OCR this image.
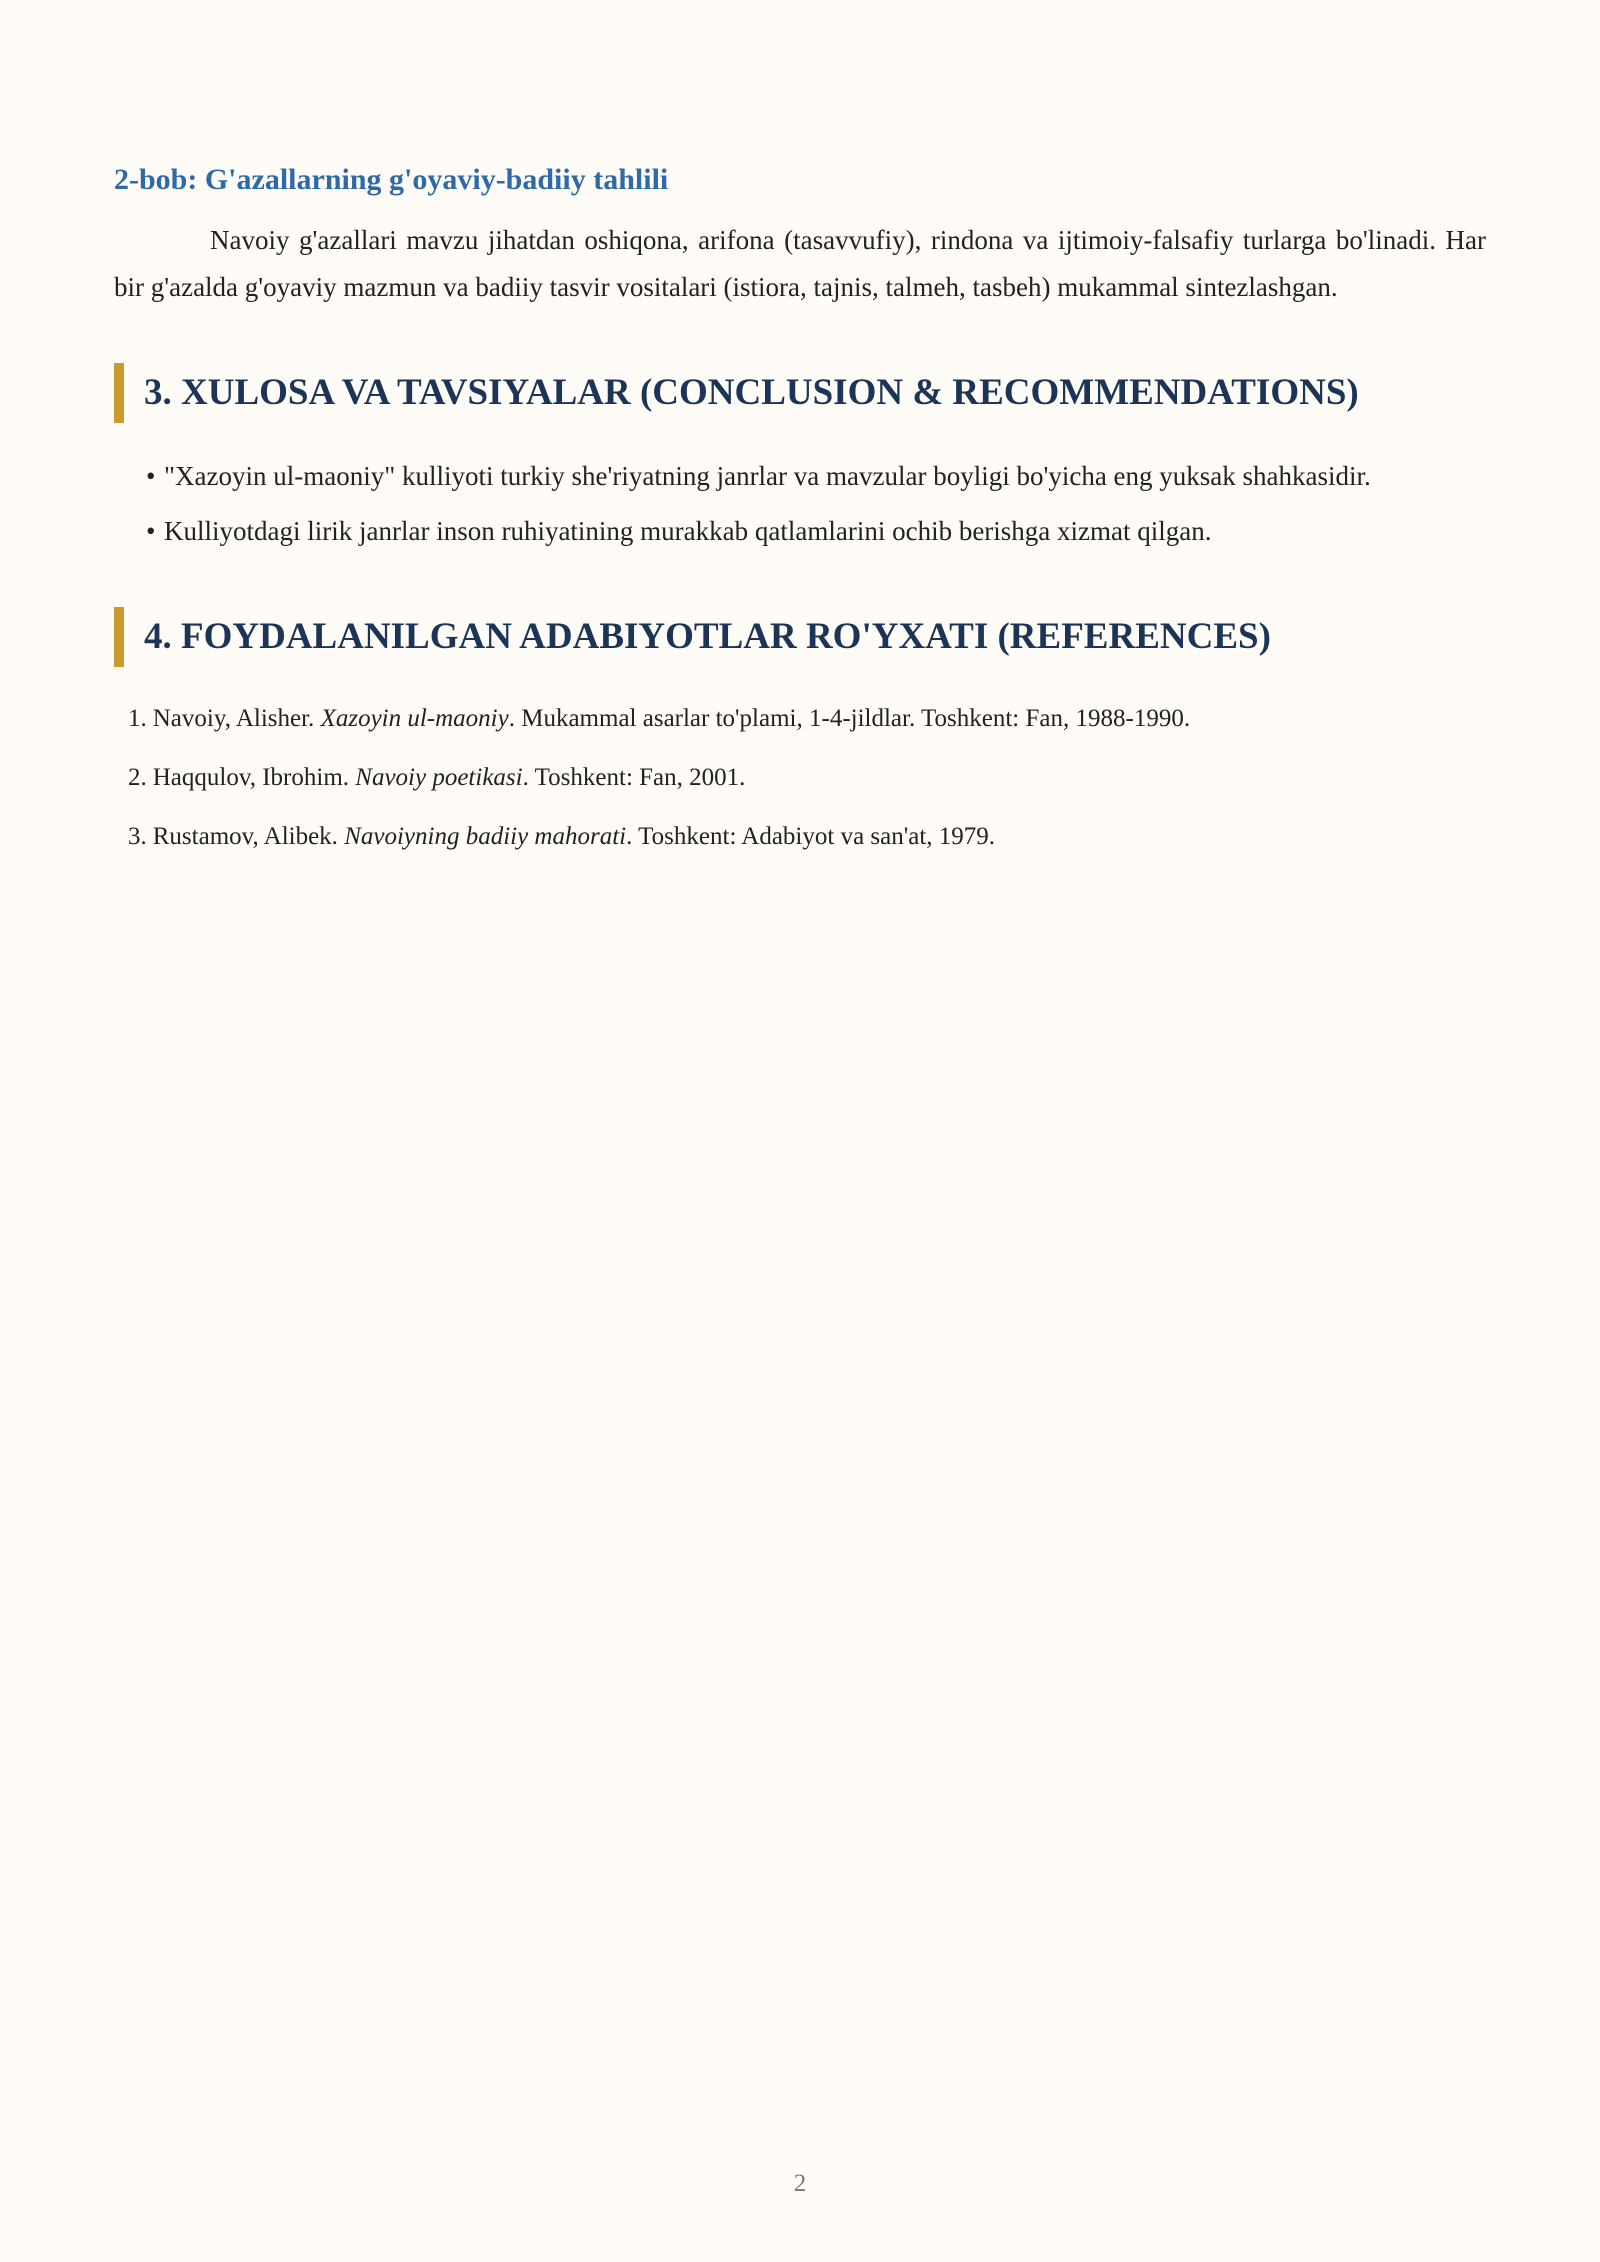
2-bob: G'azallarning g'oyaviy-badiiy tahlili

Navoiy g'azallari mavzu jihatdan oshiqona, arifona (tasavvufiy), rindona va ijtimoiy-falsafiy turlarga bo'linadi. Har bir g'azalda g'oyaviy mazmun va badiiy tasvir vositalari (istiora, tajnis, talmeh, tasbeh) mukammal sintezlashgan.

3. XULOSA VA TAVSIYALAR (CONCLUSION & RECOMMENDATIONS)
• "Xazoyin ul-maoniy" kulliyoti turkiy she'riyatning janrlar va mavzular boyligi bo'yicha eng yuksak shahkasidir.
• Kulliyotdagi lirik janrlar inson ruhiyatining murakkab qatlamlarini ochib berishga xizmat qilgan.
4. FOYDALANILGAN ADABIYOTLAR RO'YXATI (REFERENCES)
1. Navoiy, Alisher. Xazoyin ul-maoniy. Mukammal asarlar to'plami, 1-4-jildlar. Toshkent: Fan, 1988-1990.
2. Haqqulov, Ibrohim. Navoiy poetikasi. Toshkent: Fan, 2001.
3. Rustamov, Alibek. Navoiyning badiiy mahorati. Toshkent: Adabiyot va san'at, 1979.
2
